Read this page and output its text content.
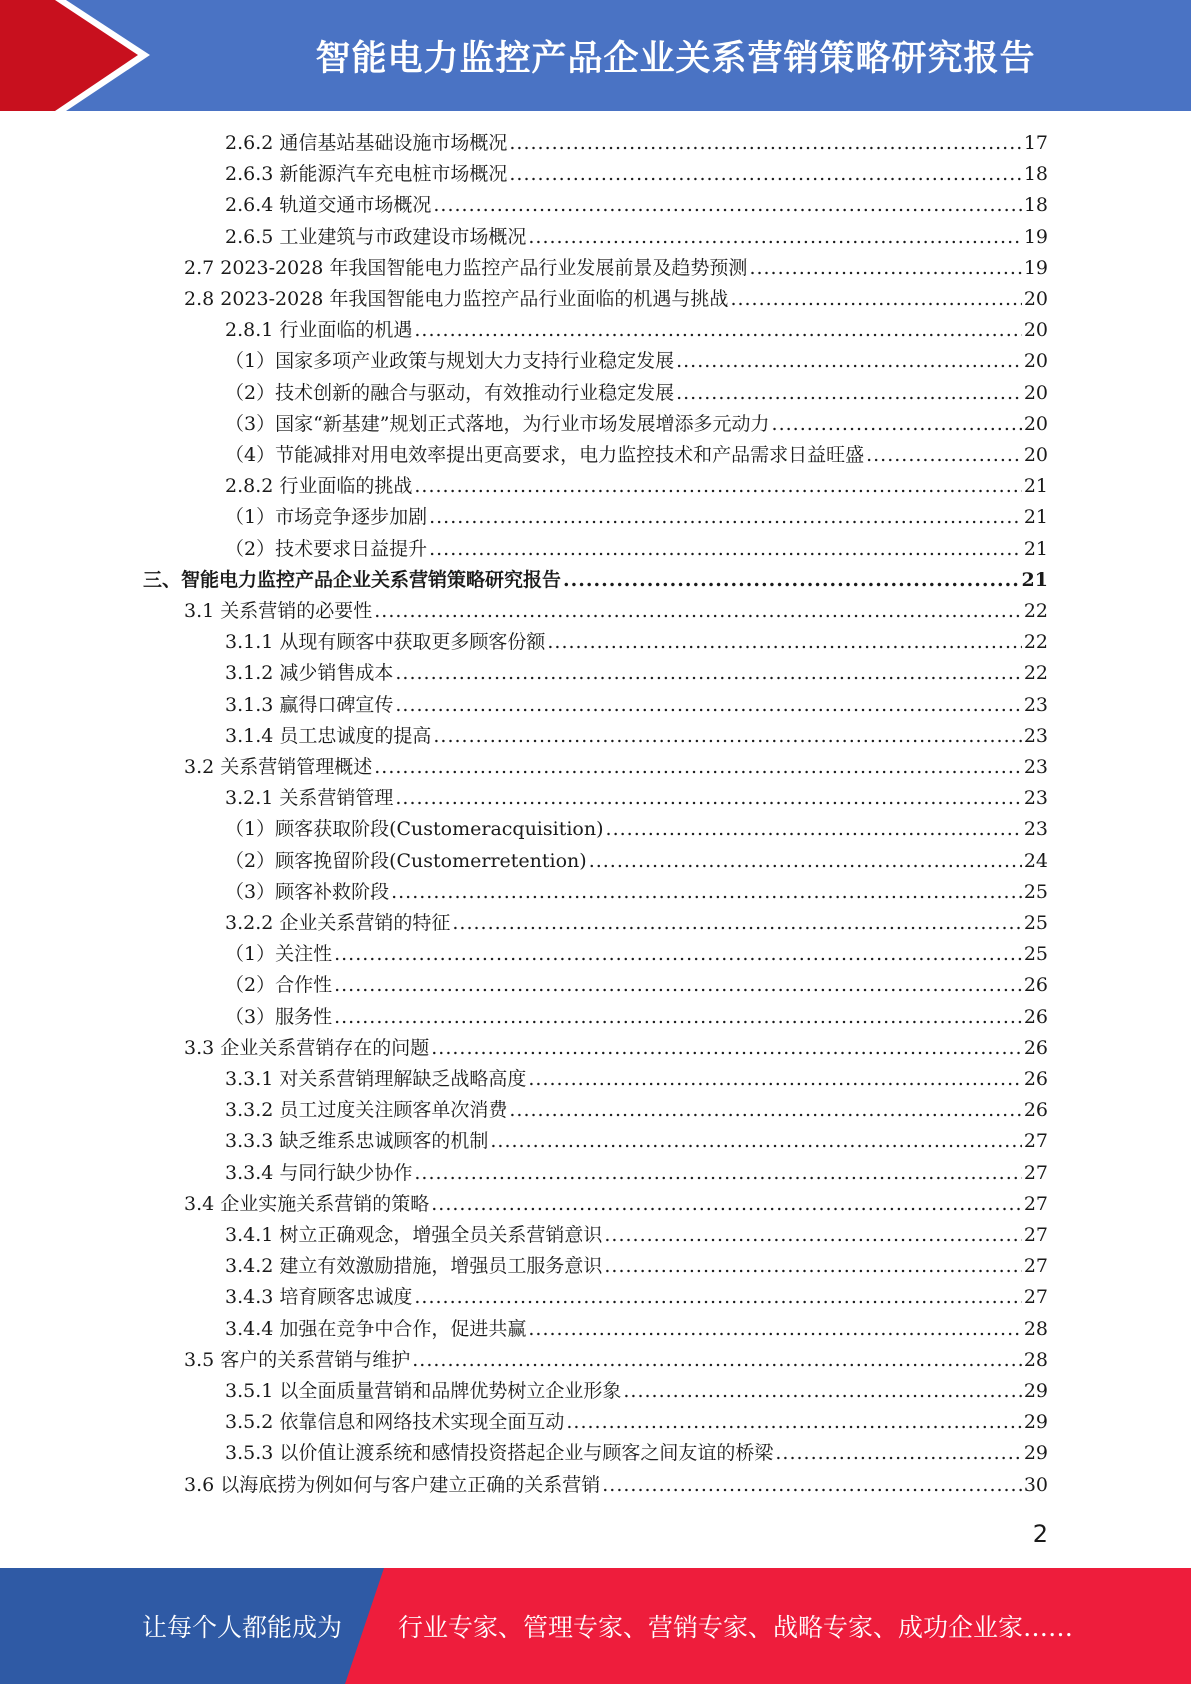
智能电力监控产品企业关系营销策略研究报告
2.6.2 通信基站基础设施市场概况 .....	17
2.6.3 新能源汽车充电桩市场概况 .....	18
2.6.4 轨道交通市场概况 .....	18
2.6.5 工业建筑与市政建设市场概况 .....	19
2.7 2023-2028 年我国智能电力监控产品行业发展前景及趋势预测 .....	19
2.8 2023-2028 年我国智能电力监控产品行业面临的机遇与挑战 .....	20
2.8.1 行业面临的机遇 .....	20
（1）国家多项产业政策与规划大力支持行业稳定发展 .....	20
（2）技术创新的融合与驱动，有效推动行业稳定发展 .....	20
（3）国家“新基建”规划正式落地，为行业市场发展增添多元动力 .....	20
（4）节能减排对用电效率提出更高要求，电力监控技术和产品需求日益旺盛 .....	20
2.8.2 行业面临的挑战 .....	21
（1）市场竞争逐步加剧 .....	21
（2）技术要求日益提升 .....	21
三、智能电力监控产品企业关系营销策略研究报告 .....	21
3.1 关系营销的必要性 .....	22
3.1.1 从现有顾客中获取更多顾客份额 .....	22
3.1.2 减少销售成本 .....	22
3.1.3 赢得口碑宣传 .....	23
3.1.4 员工忠诚度的提高 .....	23
3.2 关系营销管理概述 .....	23
3.2.1 关系营销管理 .....	23
（1）顾客获取阶段(Customeracquisition) .....	23
（2）顾客挽留阶段(Customerretention) .....	24
（3）顾客补救阶段 .....	25
3.2.2 企业关系营销的特征 .....	25
（1）关注性 .....	25
（2）合作性 .....	26
（3）服务性 .....	26
3.3 企业关系营销存在的问题 .....	26
3.3.1 对关系营销理解缺乏战略高度 .....	26
3.3.2 员工过度关注顾客单次消费 .....	26
3.3.3 缺乏维系忠诚顾客的机制 .....	27
3.3.4 与同行缺少协作 .....	27
3.4 企业实施关系营销的策略 .....	27
3.4.1 树立正确观念，增强全员关系营销意识 .....	27
3.4.2 建立有效激励措施，增强员工服务意识 .....	27
3.4.3 培育顾客忠诚度 .....	27
3.4.4 加强在竞争中合作，促进共赢 .....	28
3.5 客户的关系营销与维护 .....	28
3.5.1 以全面质量营销和品牌优势树立企业形象 .....	29
3.5.2 依靠信息和网络技术实现全面互动 .....	29
3.5.3 以价值让渡系统和感情投资搭起企业与顾客之间友谊的桥梁 .....	29
3.6 以海底捞为例如何与客户建立正确的关系营销 .....	30
2
让每个人都能成为 行业专家、管理专家、营销专家、战略专家、成功企业家……
